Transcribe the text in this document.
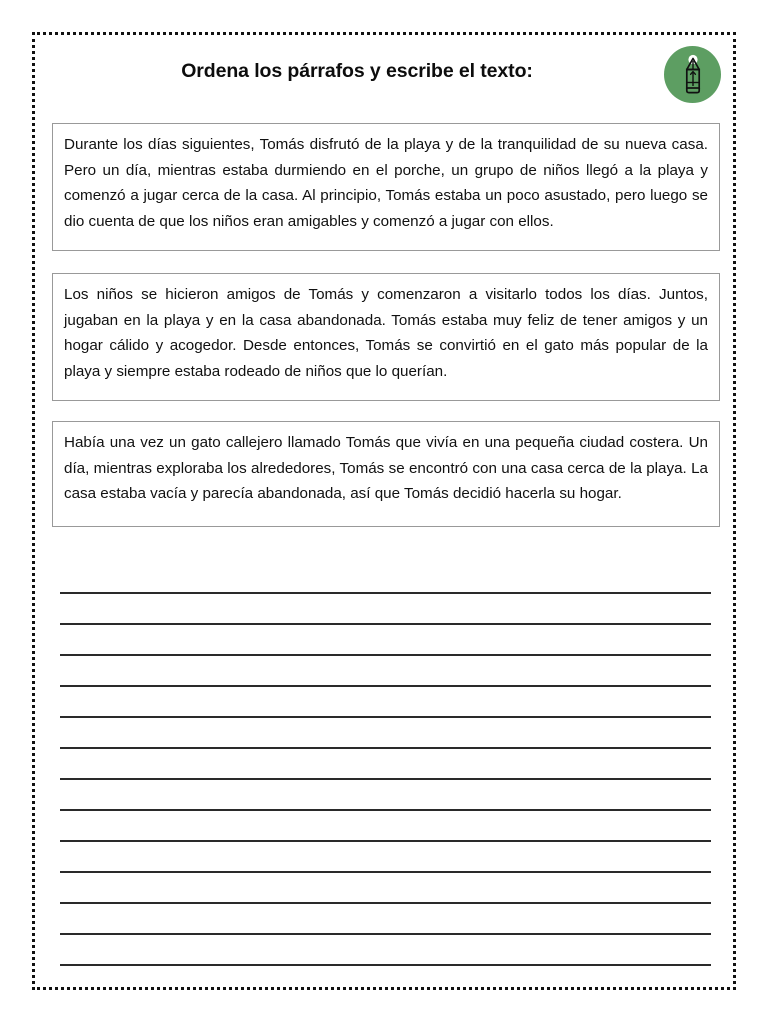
Ordena los párrafos y escribe el texto:

Durante los días siguientes, Tomás disfrutó de la playa y de la tranquilidad de su nueva casa. Pero un día, mientras estaba durmiendo en el porche, un grupo de niños llegó a la playa y comenzó a jugar cerca de la casa. Al principio, Tomás estaba un poco asustado, pero luego se dio cuenta de que los niños eran amigables y comenzó a jugar con ellos.

Los niños se hicieron amigos de Tomás y comenzaron a visitarlo todos los días. Juntos, jugaban en la playa y en la casa abandonada. Tomás estaba muy feliz de tener amigos y un hogar cálido y acogedor. Desde entonces, Tomás se convirtió en el gato más popular de la playa y siempre estaba rodeado de niños que lo querían.

Había una vez un gato callejero llamado Tomás que vivía en una pequeña ciudad costera. Un día, mientras exploraba los alrededores, Tomás se encontró con una casa cerca de la playa. La casa estaba vacía y parecía abandonada, así que Tomás decidió hacerla su hogar.
